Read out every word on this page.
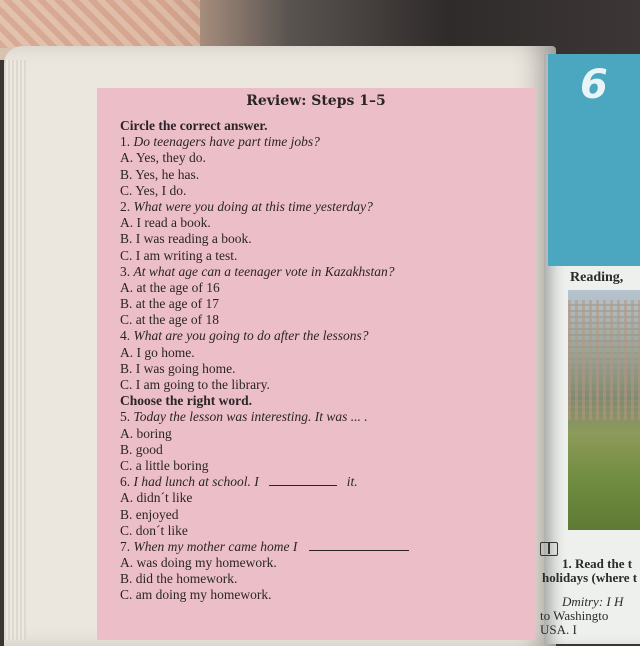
Review: Steps 1–5
Circle the correct answer.
1. Do teenagers have part time jobs?
A. Yes, they do.
B. Yes, he has.
C. Yes, I do.
2. What were you doing at this time yesterday?
A. I read a book.
B. I was reading a book.
C. I am writing a test.
3. At what age can a teenager vote in Kazakhstan?
A. at the age of 16
B. at the age of 17
C. at the age of 18
4. What are you going to do after the lessons?
A. I go home.
B. I was going home.
C. I am going to the library.
Choose the right word.
5. Today the lesson was interesting. It was ... .
A. boring
B. good
C. a little boring
6. I had lunch at school. I	it.
A. didn´t like
B. enjoyed
C. don´t like
7. When my mother came home I
A. was doing my homework.
B. did the homework.
C. am doing my homework.
6
Reading,
1. Read the t
holidays (where t
Dmitry: I H
to Washingto
USA. I
